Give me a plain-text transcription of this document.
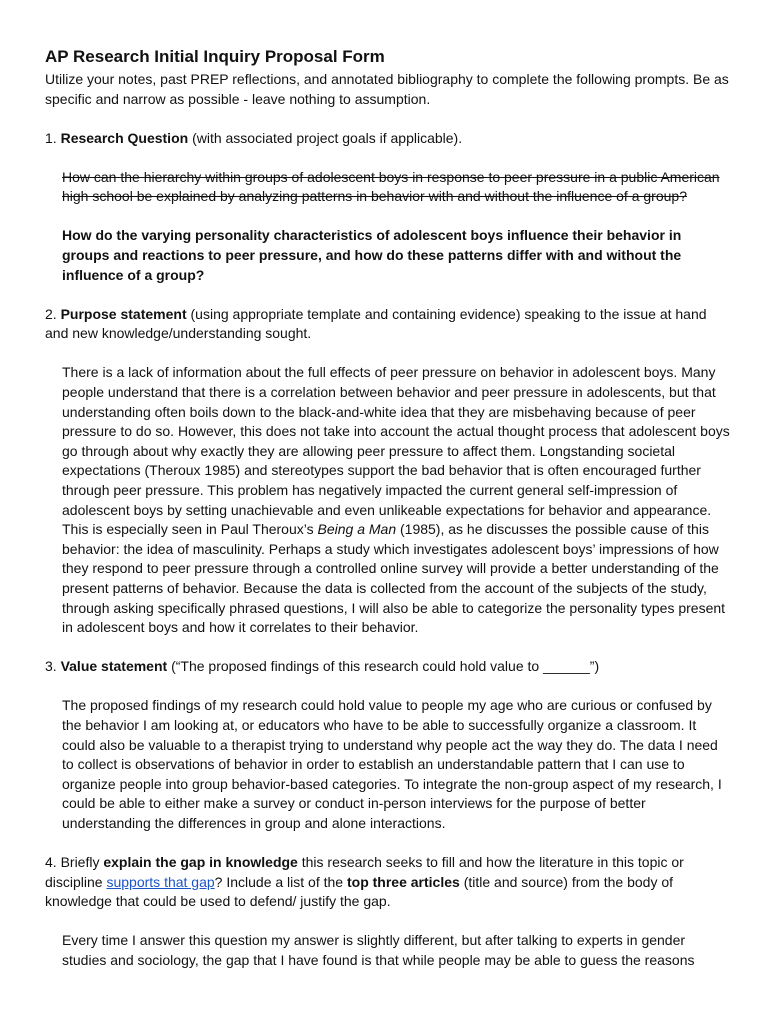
AP Research Initial Inquiry Proposal Form
Utilize your notes, past PREP reflections, and annotated bibliography to complete the following prompts. Be as
specific and narrow as possible - leave nothing to assumption.
1. Research Question (with associated project goals if applicable).
How can the hierarchy within groups of adolescent boys in response to peer pressure in a public American
high school be explained by analyzing patterns in behavior with and without the influence of a group?
How do the varying personality characteristics of adolescent boys influence their behavior in
groups and reactions to peer pressure, and how do these patterns differ with and without the
influence of a group?
2. Purpose statement (using appropriate template and containing evidence) speaking to the issue at hand
and new knowledge/understanding sought.
There is a lack of information about the full effects of peer pressure on behavior in adolescent boys. Many
people understand that there is a correlation between behavior and peer pressure in adolescents, but that
understanding often boils down to the black-and-white idea that they are misbehaving because of peer
pressure to do so. However, this does not take into account the actual thought process that adolescent boys
go through about why exactly they are allowing peer pressure to affect them. Longstanding societal
expectations (Theroux 1985) and stereotypes support the bad behavior that is often encouraged further
through peer pressure. This problem has negatively impacted the current general self-impression of
adolescent boys by setting unachievable and even unlikeable expectations for behavior and appearance.
This is especially seen in Paul Theroux’s Being a Man (1985), as he discusses the possible cause of this
behavior: the idea of masculinity. Perhaps a study which investigates adolescent boys’ impressions of how
they respond to peer pressure through a controlled online survey will provide a better understanding of the
present patterns of behavior. Because the data is collected from the account of the subjects of the study,
through asking specifically phrased questions, I will also be able to categorize the personality types present
in adolescent boys and how it correlates to their behavior.
3. Value statement (“The proposed findings of this research could hold value to ______”)
The proposed findings of my research could hold value to people my age who are curious or confused by
the behavior I am looking at, or educators who have to be able to successfully organize a classroom. It
could also be valuable to a therapist trying to understand why people act the way they do. The data I need
to collect is observations of behavior in order to establish an understandable pattern that I can use to
organize people into group behavior-based categories. To integrate the non-group aspect of my research, I
could be able to either make a survey or conduct in-person interviews for the purpose of better
understanding the differences in group and alone interactions.
4. Briefly explain the gap in knowledge this research seeks to fill and how the literature in this topic or
discipline supports that gap? Include a list of the top three articles (title and source) from the body of
knowledge that could be used to defend/ justify the gap.
Every time I answer this question my answer is slightly different, but after talking to experts in gender
studies and sociology, the gap that I have found is that while people may be able to guess the reasons
